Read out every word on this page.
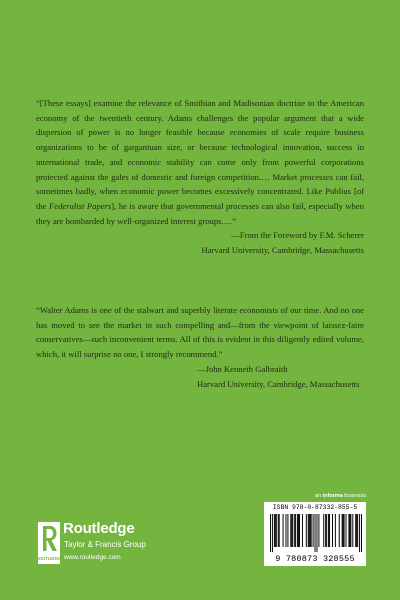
“[These essays] examine the relevance of Smithian and Madisonian doctrine to the American economy of the twentieth century. Adams challenges the popular argument that a wide dispersion of power is no longer feasible because economies of scale require business organizations to be of gargantuan size, or because technological innovation, success in international trade, and economic stability can come only from powerful corporations protected against the gales of domestic and foreign competition.… Market processes can fail, sometimes badly, when economic power becomes excessively concentrated. Like Publius [of the Federalist Papers], he is aware that governmental processes can also fail, especially when they are bombarded by well-organized interest groups.…”

—From the Foreword by F.M. Scherer

Harvard University, Cambridge, Massachusetts

“Walter Adams is one of the stalwart and superbly literate economists of our time. And no one has moved to see the market in such compelling and—from the viewpoint of laissez-faire conservatives—such inconvenient terms. All of this is evident in this diligently edited volume, which, it will surprise no one, I strongly recommend.”

—John Kenneth Galbraith

Harvard University, Cambridge, Massachusetts

an informa business
ROUTLEDGE
Routledge
Taylor & Francis Group
www.routledge.com
ISBN 978-0-87332-855-5
9 780873 328555
